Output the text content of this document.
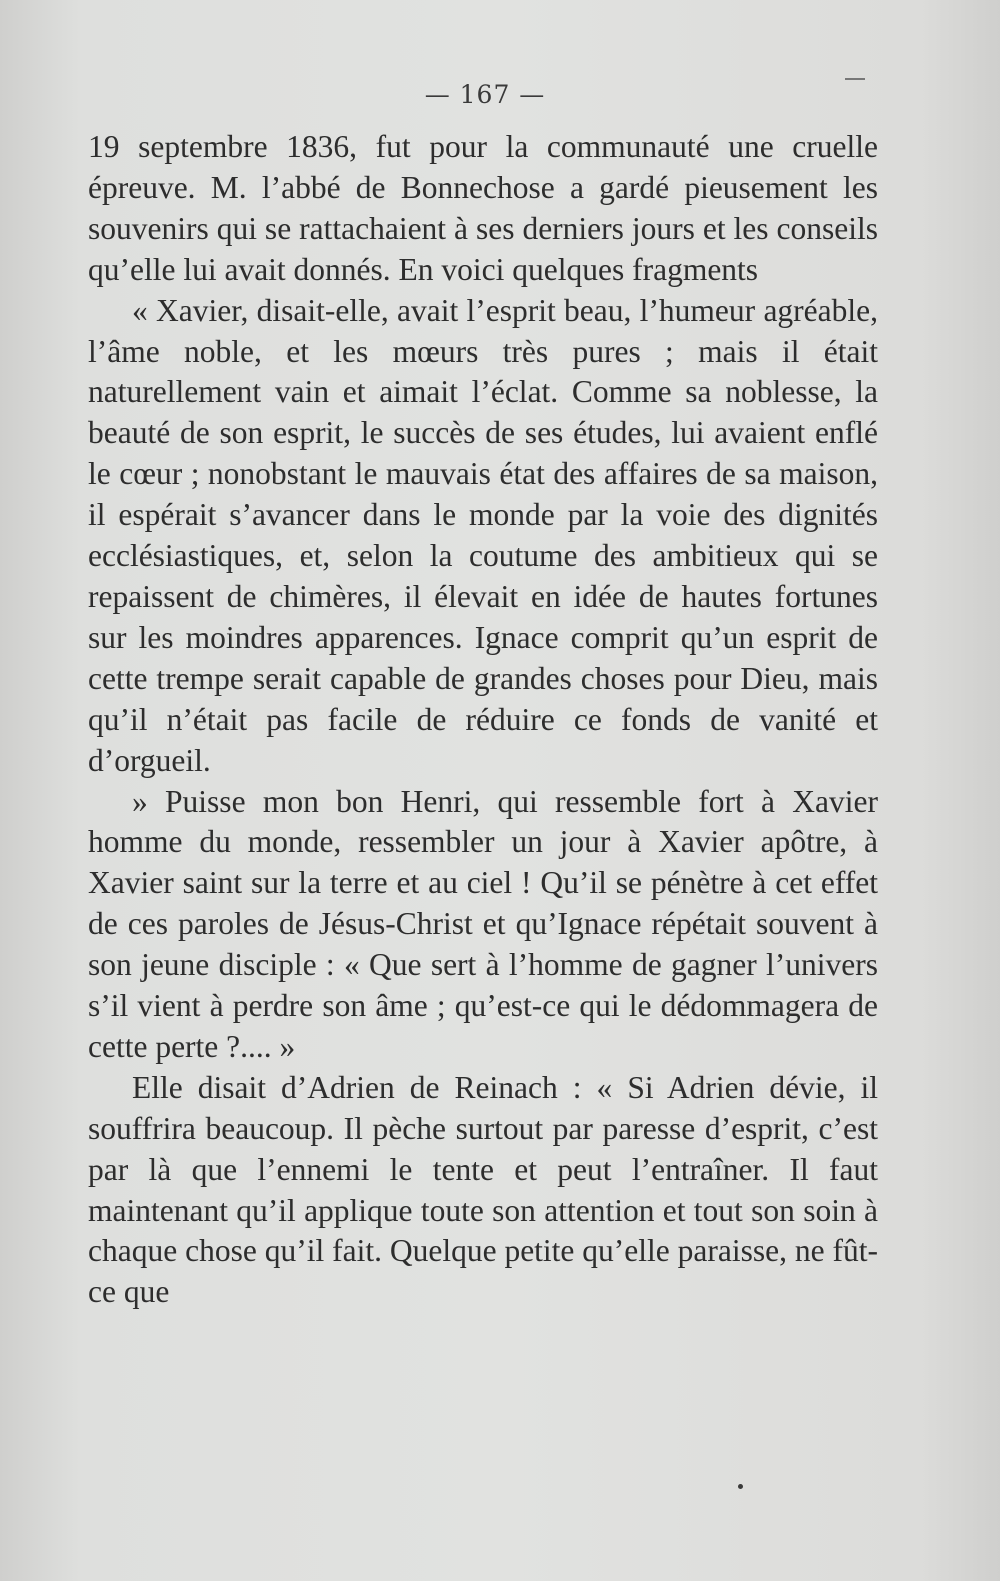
— 167 —

19 septembre 1836, fut pour la communauté une cruelle épreuve. M. l’abbé de Bonnechose a gardé pieusement les souvenirs qui se rattachaient à ses derniers jours et les conseils qu’elle lui avait donnés. En voici quelques fragments

« Xavier, disait-elle, avait l’esprit beau, l’humeur agréable, l’âme noble, et les mœurs très pures ; mais il était naturellement vain et aimait l’éclat. Comme sa noblesse, la beauté de son esprit, le succès de ses études, lui avaient enflé le cœur ; nonobstant le mauvais état des affaires de sa maison, il espérait s’avancer dans le monde par la voie des dignités ecclésiastiques, et, selon la coutume des ambitieux qui se repaissent de chimères, il élevait en idée de hautes fortunes sur les moindres apparences. Ignace comprit qu’un esprit de cette trempe serait capable de grandes choses pour Dieu, mais qu’il n’était pas facile de réduire ce fonds de vanité et d’orgueil.

» Puisse mon bon Henri, qui ressemble fort à Xavier homme du monde, ressembler un jour à Xavier apôtre, à Xavier saint sur la terre et au ciel ! Qu’il se pénètre à cet effet de ces paroles de Jésus-Christ et qu’Ignace répétait souvent à son jeune disciple : « Que sert à l’homme de gagner l’univers s’il vient à perdre son âme ; qu’est-ce qui le dédommagera de cette perte ?.... »

Elle disait d’Adrien de Reinach : « Si Adrien dévie, il souffrira beaucoup. Il pèche surtout par paresse d’esprit, c’est par là que l’ennemi le tente et peut l’entraîner. Il faut maintenant qu’il applique toute son attention et tout son soin à chaque chose qu’il fait. Quelque petite qu’elle paraisse, ne fût-ce que
